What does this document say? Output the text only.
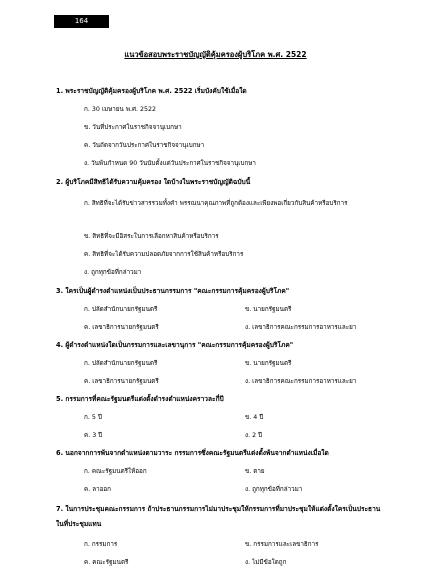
164
แนวข้อสอบพระราชบัญญัติคุ้มครองผู้บริโภค พ.ศ. 2522
1. พระราชบัญญัติคุ้มครองผู้บริโภค พ.ศ. 2522 เริ่มบังคับใช้เมื่อใด
ก. 30 เมษายน พ.ศ. 2522
ข. วันที่ประกาศในราชกิจจานุเบกษา
ค. วันถัดจากวันประกาศในราชกิจจานุเบกษา
ง. วันพ้นกำหนด 90 วันนับตั้งแต่วันประกาศในราชกิจจานุเบกษา
2. ผู้บริโภคมีสิทธิได้รับความคุ้มครอง ใดบ้างในพระราชบัญญัติฉบับนี้
ก. สิทธิที่จะได้รับข่าวสารรวมทั้งคำ พรรณนาคุณภาพที่ถูกต้องและเพียงพอเกี่ยวกับสินค้าหรือบริการ
ข. สิทธิที่จะมีอิสระในการเลือกหาสินค้าหรือบริการ
ค. สิทธิที่จะได้รับความปลอดภัยจากการใช้สินค้าหรือบริการ
ง. ถูกทุกข้อที่กล่าวมา
3. ใครเป็นผู้ดำรงตำแหน่งเป็นประธานกรรมการ "คณะกรรมการคุ้มครองผู้บริโภค"
ก. ปลัดสำนักนายกรัฐมนตรี	ข. นายกรัฐมนตรี
ค. เลขาธิการนายกรัฐมนตรี	ง. เลขาธิการคณะกรรมการอาหารและยา
4. ผู้ดำรงตำแหน่งใดเป็นกรรมการและเลขานุการ "คณะกรรมการคุ้มครองผู้บริโภค"
ก. ปลัดสำนักนายกรัฐมนตรี	ข. นายกรัฐมนตรี
ค. เลขาธิการนายกรัฐมนตรี	ง. เลขาธิการคณะกรรมการอาหารและยา
5. กรรมการที่คณะรัฐมนตรีแต่งตั้งดำรงตำแหน่งคราวละกี่ปี
ก. 5 ปี	ข. 4 ปี
ค. 3 ปี	ง. 2 ปี
6. นอกจากการพ้นจากตำแหน่งตามวาระ กรรมการซึ่งคณะรัฐมนตรีแต่งตั้งพ้นจากตำแหน่งเมื่อใด
ก. คณะรัฐมนตรีให้ออก	ข. ตาย
ค. ลาออก	ง. ถูกทุกข้อที่กล่าวมา
7. ในการประชุมคณะกรรมการ ถ้าประธานกรรมการไม่มาประชุมให้กรรมการที่มาประชุมให้แต่งตั้งใครเป็นประธานในที่ประชุมแทน
ก. กรรมการ	ข. กรรมการและเลขาธิการ
ค. คณะรัฐมนตรี	ง. ไม่มีข้อใดถูก
